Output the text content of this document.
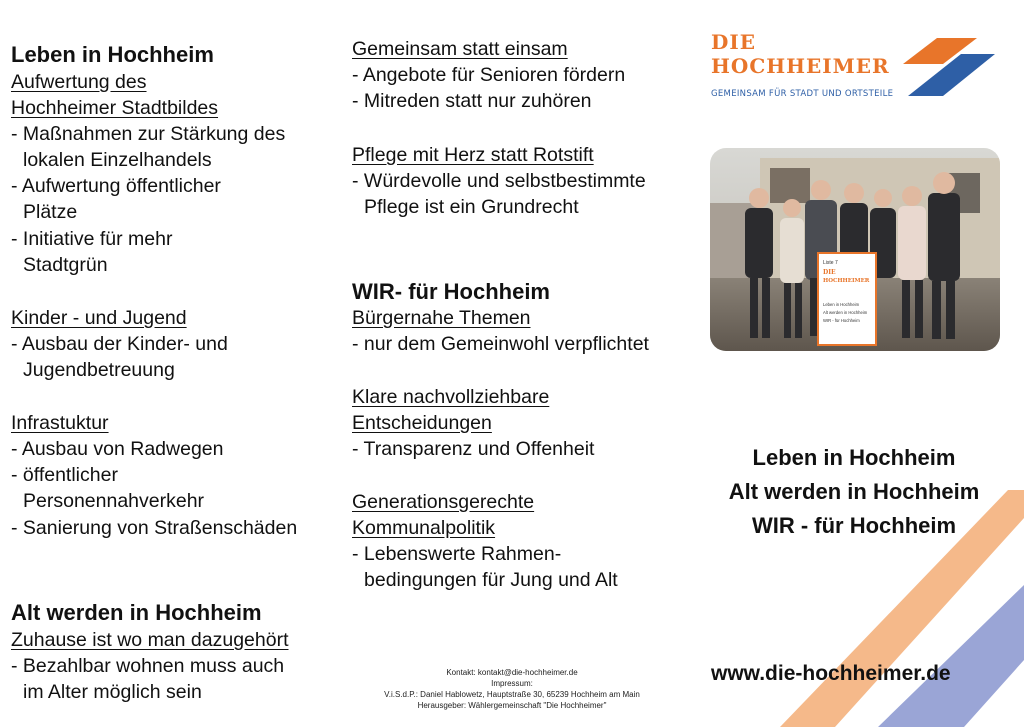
Leben in Hochheim
Aufwertung des
Hochheimer Stadtbildes
- Maßnahmen zur Stärkung des
lokalen Einzelhandels
- Aufwertung öffentlicher
Plätze
- Initiative für mehr
Stadtgrün
Kinder - und Jugend
- Ausbau der Kinder- und
Jugendbetreuung
Infrastuktur
- Ausbau von Radwegen
- öffentlicher
Personennahverkehr
- Sanierung von Straßenschäden
Alt werden in Hochheim
Zuhause ist wo man dazugehört
- Bezahlbar wohnen muss auch
im Alter möglich sein
Gemeinsam statt einsam
- Angebote für Senioren fördern
- Mitreden statt nur zuhören
Pflege mit Herz statt Rotstift
- Würdevolle und selbstbestimmte
Pflege ist ein Grundrecht
WIR- für Hochheim
Bürgernahe Themen
- nur dem Gemeinwohl verpflichtet
Klare nachvollziehbare
Entscheidungen
- Transparenz und Offenheit
Generationsgerechte
Kommunalpolitik
- Lebenswerte Rahmen-
bedingungen für Jung und Alt
Kontakt: kontakt@die-hochheimer.de
Impressum:
V.i.S.d.P.: Daniel Hablowetz, Hauptstraße 30, 65239 Hochheim am Main
Herausgeber: Wählergemeinschaft "Die Hochheimer"
DIE
HOCHHEIMER
GEMEINSAM FÜR STADT UND ORTSTEILE
Liste 7
DIE
HOCHHEIMER
Leben in Hochheim
Alt werden in Hochheim
WIR - für Hochheim
Leben in Hochheim
Alt werden in Hochheim
WIR - für Hochheim
www.die-hochheimer.de
